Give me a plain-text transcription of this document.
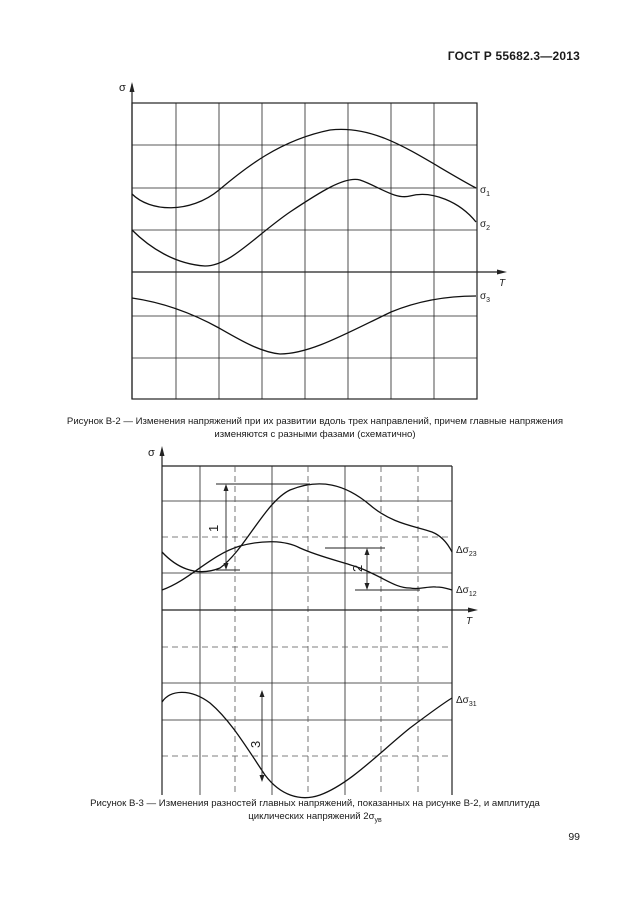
ГОСТ Р 55682.3—2013
σ
T
$\sigma_1$
$\sigma_2$
$\sigma_3$
Рисунок В-2 — Изменения напряжений при их развитии вдоль трех направлений, причем главные напряжения
изменяются с разными фазами (схематично)
σ
T
1
2
3
$\Delta\sigma_{23}$
$\Delta\sigma_{12}$
$\Delta\sigma_{31}$
Рисунок В-3 — Изменения разностей главных напряжений, показанных на рисунке В-2, и амплитуда
циклических напряжений $2\sigma_{ув}$
99
